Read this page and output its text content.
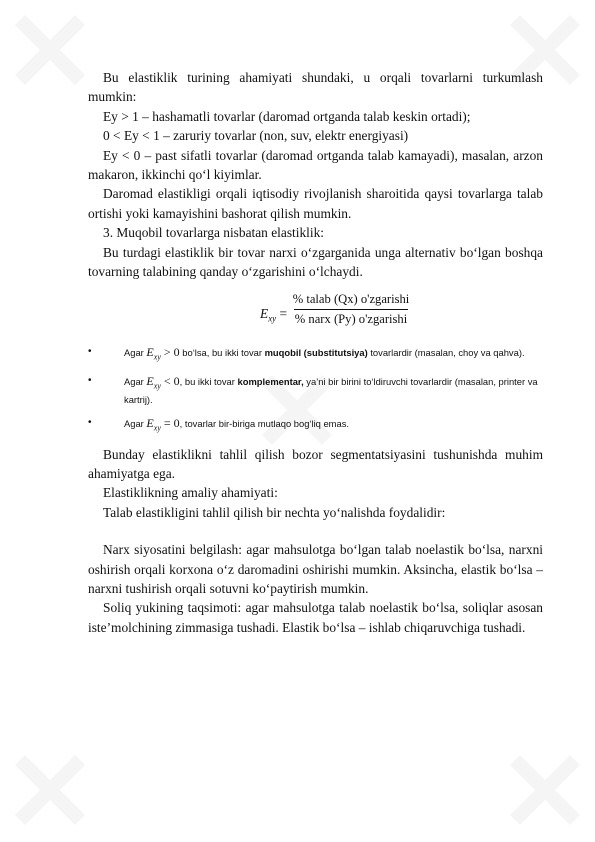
Bu elastiklik turining ahamiyati shundaki, u orqali tovarlarni turkumlash mumkin:

Ey > 1 – hashamatli tovarlar (daromad ortganda talab keskin ortadi);

0 < Ey < 1 – zaruriy tovarlar (non, suv, elektr energiyasi)

Ey < 0 – past sifatli tovarlar (daromad ortganda talab kamayadi), masalan, arzon makaron, ikkinchi qo‘l kiyimlar.

Daromad elastikligi orqali iqtisodiy rivojlanish sharoitida qaysi tovarlarga talab ortishi yoki kamayishini bashorat qilish mumkin.

3. Muqobil tovarlarga nisbatan elastiklik:

Bu turdagi elastiklik bir tovar narxi o‘zgarganida unga alternativ bo‘lgan boshqa tovarning talabining qanday o‘zgarishini o‘lchaydi.

$E_{xy}$ =
% talab (Qx) o'zgarishi
% narx (Py) o'zgarishi
•	Agar $E_{xy} > 0$ bo‘lsa, bu ikki tovar muqobil (substitutsiya) tovarlardir (masalan, choy va qahva).
•	Agar $E_{xy} < 0$, bu ikki tovar komplementar, ya’ni bir birini to‘ldiruvchi tovarlardir (masalan, printer va kartrij).
•	Agar $E_{xy} = 0$, tovarlar bir-biriga mutlaqo bog‘liq emas.

Bunday elastiklikni tahlil qilish bozor segmentatsiyasini tushunishda muhim ahamiyatga ega.

Elastiklikning amaliy ahamiyati:

Talab elastikligini tahlil qilish bir nechta yo‘nalishda foydalidir:

Narx siyosatini belgilash: agar mahsulotga bo‘lgan talab noelastik bo‘lsa, narxni oshirish orqali korxona o‘z daromadini oshirishi mumkin. Aksincha, elastik bo‘lsa – narxni tushirish orqali sotuvni ko‘paytirish mumkin.

Soliq yukining taqsimoti: agar mahsulotga talab noelastik bo‘lsa, soliqlar asosan iste’molchining zimmasiga tushadi. Elastik bo‘lsa – ishlab chiqaruvchiga tushadi.
